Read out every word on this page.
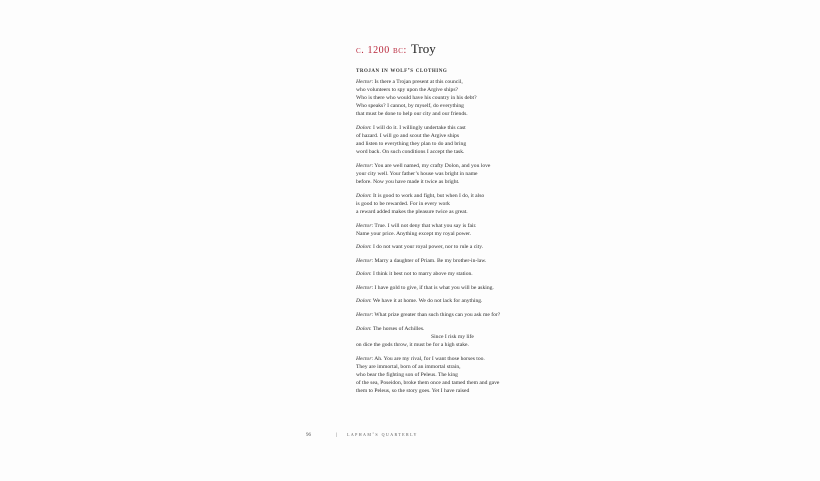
c. 1200 bc: Troy
trojan in wolf’s clothing

Hector: Is there a Trojan present at this council,
who volunteers to spy upon the Argive ships?
Who is there who would have his country in his debt?
Who speaks? I cannot, by myself, do everything
that must be done to help our city and our friends.

Dolon: I will do it. I willingly undertake this cast
of hazard. I will go and scout the Argive ships
and listen to everything they plan to do and bring
word back. On such conditions I accept the task.

Hector: You are well named, my crafty Dolon, and you love
your city well. Your father’s house was bright in name
before. Now you have made it twice as bright.

Dolon: It is good to work and fight, but when I do, it also
is good to be rewarded. For in every work
a reward added makes the pleasure twice as great.

Hector: True. I will not deny that what you say is fair.
Name your price. Anything except my royal power.

Dolon: I do not want your royal power, nor to rule a city.

Hector: Marry a daughter of Priam. Be my brother-in-law.

Dolon: I think it best not to marry above my station.

Hector: I have gold to give, if that is what you will be asking.

Dolon: We have it at home. We do not lack for anything.

Hector: What prize greater than such things can you ask me for?

Dolon: The horses of Achilles.
Since I risk my life
on dice the gods throw, it must be for a high stake.

Hector: Ah. You are my rival, for I want those horses too.
They are immortal, born of an immortal strain,
who bear the fighting son of Peleus. The king
of the sea, Poseidon, broke them once and tamed them and gave
them to Peleus, so the story goes. Yet I have raised

96	| lapham’s quarterly
